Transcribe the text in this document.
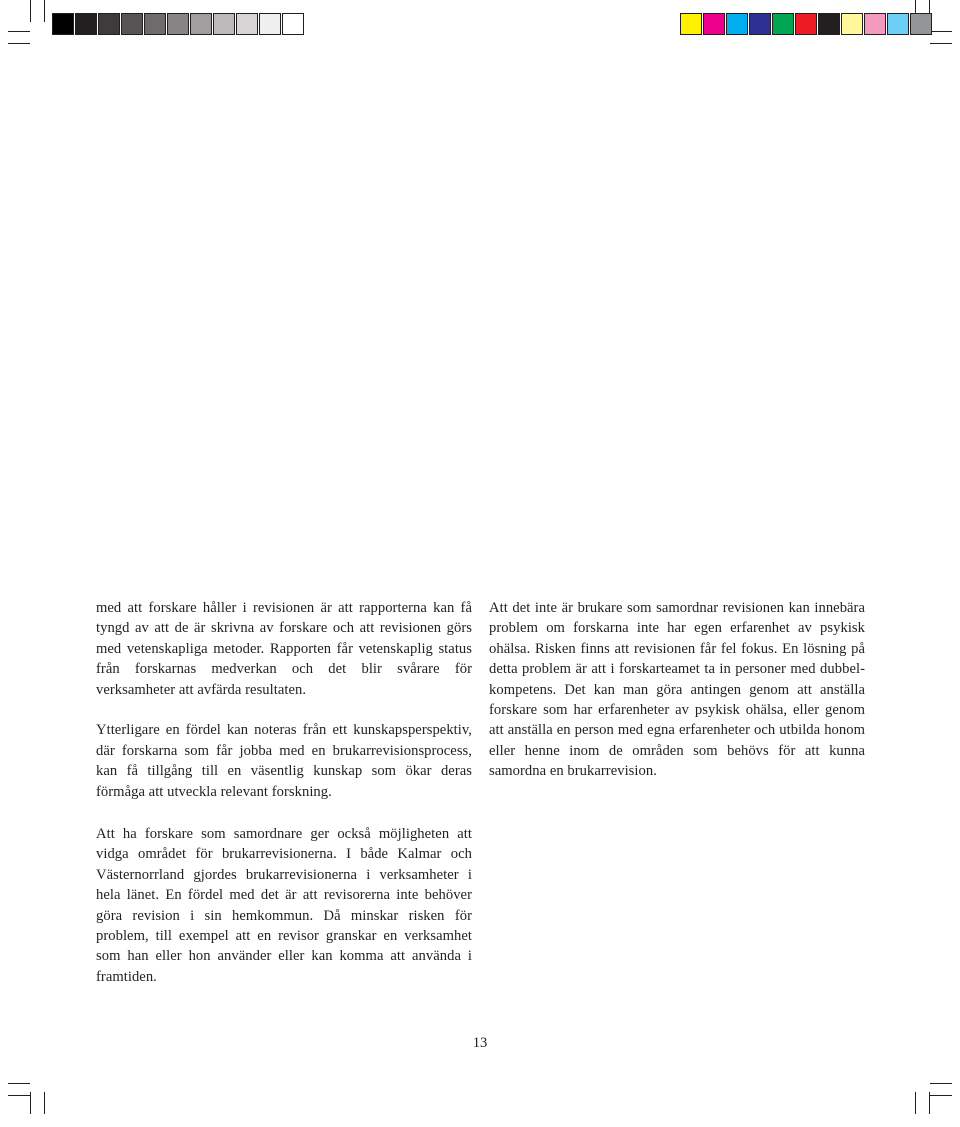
med att forskare håller i revisionen är att rapporterna kan få tyngd av att de är skrivna av forskare och att revisionen görs med vetenskapliga metoder. Rapporten får vetenskaplig status från forskarnas medverkan och det blir svårare för verksamheter att avfärda resultaten.

Ytterligare en fördel kan noteras från ett kunskapsperspektiv, där forskarna som får jobba med en brukarrevisionsprocess, kan få tillgång till en väsentlig kunskap som ökar deras förmåga att utveckla relevant forskning.

Att det inte är brukare som samordnar revisionen kan innebära problem om forskarna inte har egen erfarenhet av psykisk ohälsa. Risken finns att revisionen får fel fokus. En lösning på detta problem är att i forskarteamet ta in personer med dubbel-kompetens. Det kan man göra antingen genom att anställa forskare som har erfarenheter av psykisk ohälsa, eller genom att anställa en person med egna erfarenheter och utbilda honom eller henne inom de områden som behövs för att kunna samordna en brukarrevision.

Att ha forskare som samordnare ger också möjligheten att vidga området för brukarrevisionerna. I både Kalmar och Västernorrland gjordes brukarrevisionerna i verksamheter i hela länet. En fördel med det är att revisorerna inte behöver göra revision i sin hemkommun. Då minskar risken för problem, till exempel att en revisor granskar en verksamhet som han eller hon använder eller kan komma att använda i framtiden.

13
